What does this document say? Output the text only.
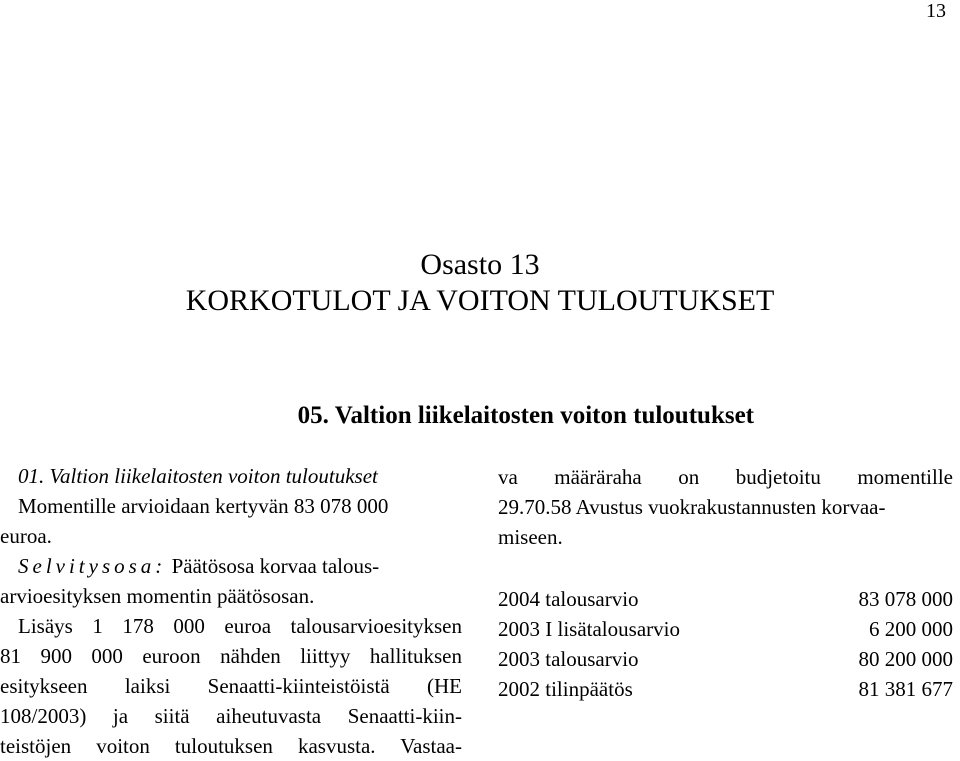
13
Osasto 13
KORKOTULOT JA VOITON TULOUTUKSET
05. Valtion liikelaitosten voiton tuloutukset
01. Valtion liikelaitosten voiton tuloutukset
Momentille arvioidaan kertyvän 83 078 000
euroa.
Selvitysosa: Päätösosa korvaa talous-
arvioesityksen momentin päätösosan.
Lisäys 1 178 000 euroa talousarvioesityksen
81 900 000 euroon nähden liittyy hallituksen
esitykseen laiksi Senaatti-kiinteistöistä (HE
108/2003) ja siitä aiheutuvasta Senaatti-kiin-
teistöjen voiton tuloutuksen kasvusta. Vastaa-
va määräraha on budjetoitu momentille
29.70.58 Avustus vuokrakustannusten korvaa-
miseen.
2004 talousarvio	83 078 000
2003 I lisätalousarvio	6 200 000
2003 talousarvio	80 200 000
2002 tilinpäätös	81 381 677
